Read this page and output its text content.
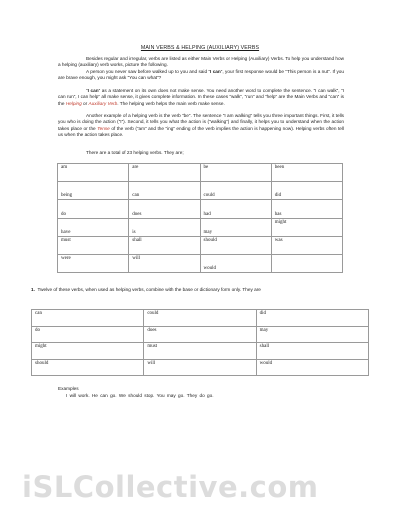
MAIN VERBS & HELPING (AUXILIARY) VERBS

Besides regular and irregular, verbs are listed as either Main Verbs or Helping (Auxiliary) Verbs. To help you understand how a helping (auxiliary) verb works, picture the following.

A person you never saw before walked up to you and said “I can”, your first response would be “This person is a nut”. If you are brave enough, you might ask “You can what”?

“I can” as a statement on its own does not make sense. You need another word to complete the sentence. “I can walk”, “I can run”, I can help” all make sense, it gives complete information. In these cases “walk”, “run” and “help” are the Main Verbs and “can” is the Helping or Auxiliary Verb. The helping verb helps the main verb make sense.

Another example of a helping verb is the verb “be”. The sentence “I am walking” tells you three important things. First, it tells you who is doing the action (“I”). Second, it tells you what the action is (“walking”) and finally, it helps you to understand when the action takes place or the Tense of the verb (“am” and the “ing” ending of the verb implies the action is happening now). Helping verbs often tell us when the action takes place.

There are a total of 23 helping verbs. They are;

am	are	be	been
being	can	could	did
do	does	had	has
have	is	may	might
must	shall	should	was
were	will	would	

1. Twelve of these verbs, when used as helping verbs, combine with the base or dictionary form only. They are

can	could	did
do	does	may
might	must	shall
should	will	would
Examples
I will work. He can go. We should stop. You may go. They do go.
iSLCollective.com
